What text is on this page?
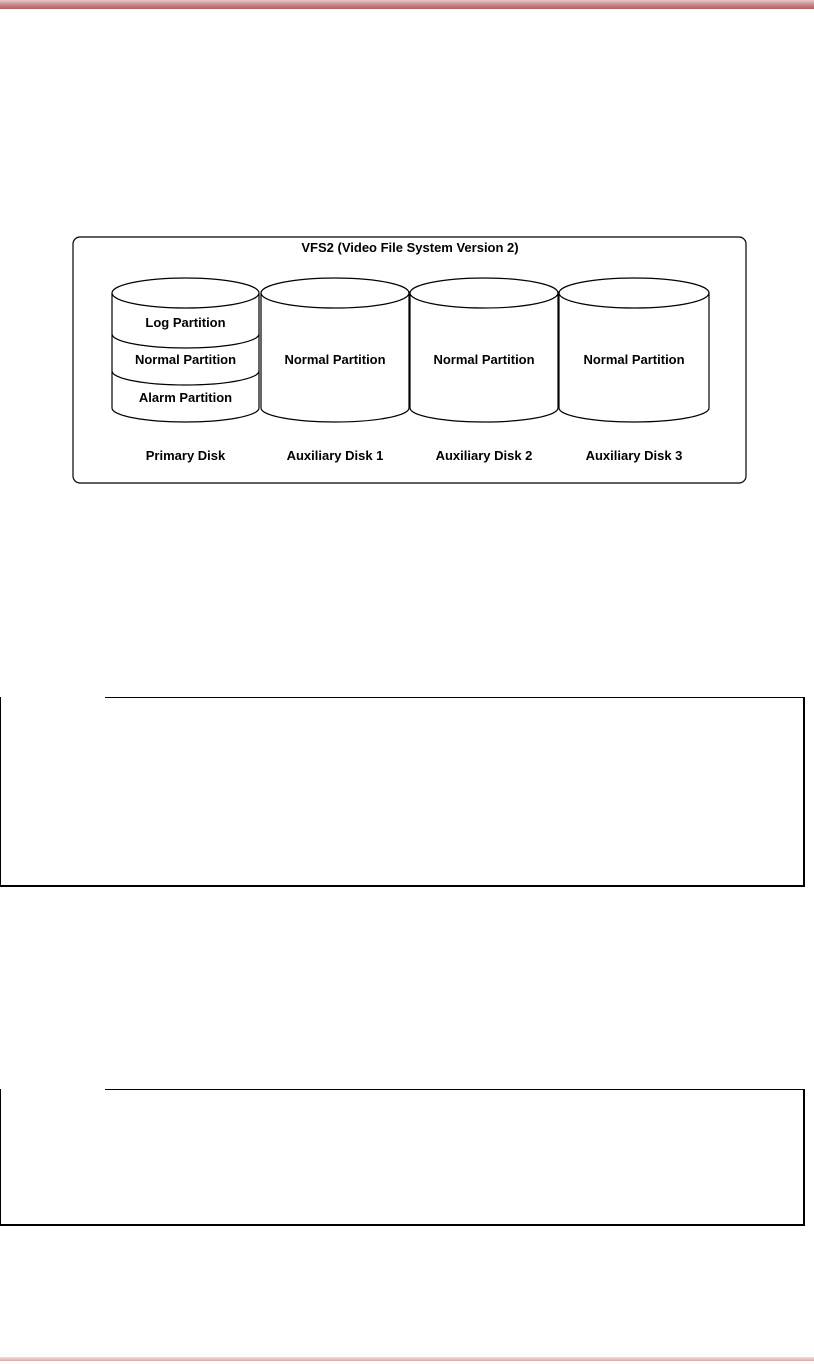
VFS2 (Video File System Version 2)
Log Partition
Normal Partition
Alarm Partition
Primary Disk
Normal Partition
Auxiliary Disk 1
Normal Partition
Auxiliary Disk 2
Normal Partition
Auxiliary Disk 3
